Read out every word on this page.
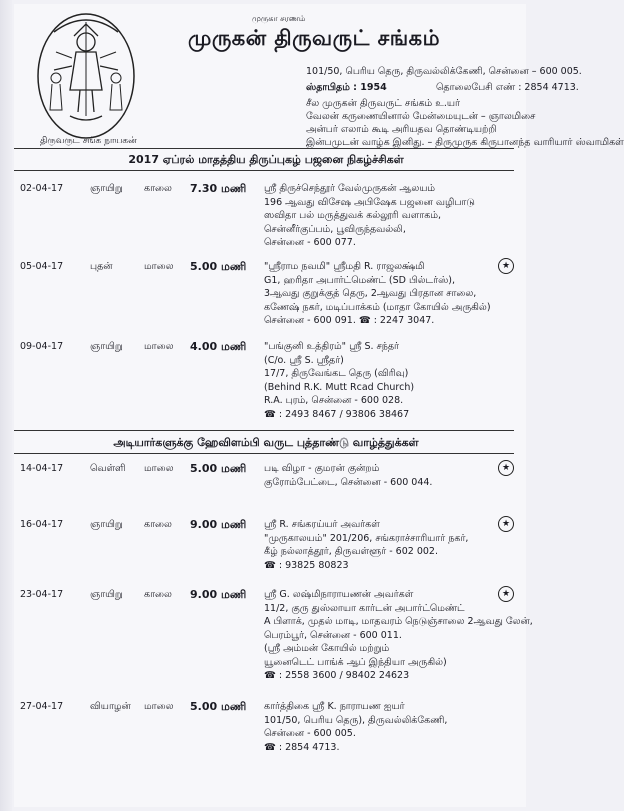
திருவருட் சங்க நாயகன்
முருகா சரணம்
முருகன் திருவருட் சங்கம்
101/50, பெரிய தெரு, திருவல்லிக்கேணி, சென்னை – 600 005.
ஸ்தாபிதம் : 1954	தொலைபேசி எண் : 2854 4713.
சீல முருகன் திருவருட் சங்கம் உ.யர்
வேலன் கருணையினால் மேன்மையுடன் – ஞாலமிசை
அன்பர் எலாம் கூடி அரியதவ தொண்டியற்றி
இன்பமுடன் வாழ்க இனிது. – திருமுருக கிருபானந்த வாரியார் ஸ்வாமிகள்
2017 ஏப்ரல் மாதத்திய திருப்புகழ் பஜனை நிகழ்ச்சிகள்
02-04-17	ஞாயிறு	காலை	7.30 மணி	ஸ்ரீ திருச்செந்தூர் வேல்முருகன் ஆலயம்
196 ஆவது விசேஷ அபிஷேக பஜனை வழிபாடு
ஸவிதா பல் மருத்துவக் கல்லூரி வளாகம்,
சென்னீர்குப்பம், பூவிருந்தவல்லி,
சென்னை - 600 077.
05-04-17	புதன்	மாலை	5.00 மணி	"ஸ்ரீராம நவமி" ஸ்ரீமதி R. ராஜலக்ஷ்மி
G1, ஹரிதா அபார்ட்மெண்ட் (SD பில்டர்ஸ்),
3ஆவது குறுக்குத் தெரு, 2ஆவது பிரதான சாலை,
கணேஷ் நகர், மடிப்பாக்கம் (மாதா கோயில் அருகில்)
சென்னை - 600 091. ☎ : 2247 3047.
★
09-04-17	ஞாயிறு	மாலை	4.00 மணி	"பங்குனி உத்திரம்" ஸ்ரீ S. சந்தர்
(C/o. ஸ்ரீ S. ஸ்ரீதர்)
17/7, திருவேங்கட தெரு (விரிவு)
(Behind R.K. Mutt Rcad Church)
R.A. புரம், சென்னை - 600 028.
☎ : 2493 8467 / 93806 38467
அடியார்களுக்கு ஹேவிளம்பி வருட புத்தாண்டு வாழ்த்துக்கள்
14-04-17	வெள்ளி	மாலை	5.00 மணி	படி விழா - குமரன் குன்றம்
குரோம்பேட்டை, சென்னை - 600 044.
★
16-04-17	ஞாயிறு	காலை	9.00 மணி	ஸ்ரீ R. சங்கரய்யர் அவர்கள்
"முருகாலயம்" 201/206, சங்கராச்சாரியார் நகர்,
கீழ் நல்லாத்தூர், திருவள்ளூர் - 602 002.
☎ : 93825 80823
★
23-04-17	ஞாயிறு	காலை	9.00 மணி	ஸ்ரீ G. லஷ்மிநாராயணன் அவர்கள்
11/2, குரு துஸ்லாயா கார்டன் அபார்ட்மெண்ட்
A பிளாக், முதல் மாடி, மாதவரம் நெடுஞ்சாலை 2ஆவது லேன்,
பெரம்பூர், சென்னை - 600 011.
(ஸ்ரீ அம்மன் கோயில் மற்றும்
யூனைடெட் பாங்க் ஆப் இந்தியா அருகில்)
☎ : 2558 3600 / 98402 24623
★
27-04-17	வியாழன்	மாலை	5.00 மணி	கார்த்திகை ஸ்ரீ K. நாராயண ஐயர்
101/50, பெரிய தெரு), திருவல்லிக்கேணி,
சென்னை - 600 005.
☎ : 2854 4713.
